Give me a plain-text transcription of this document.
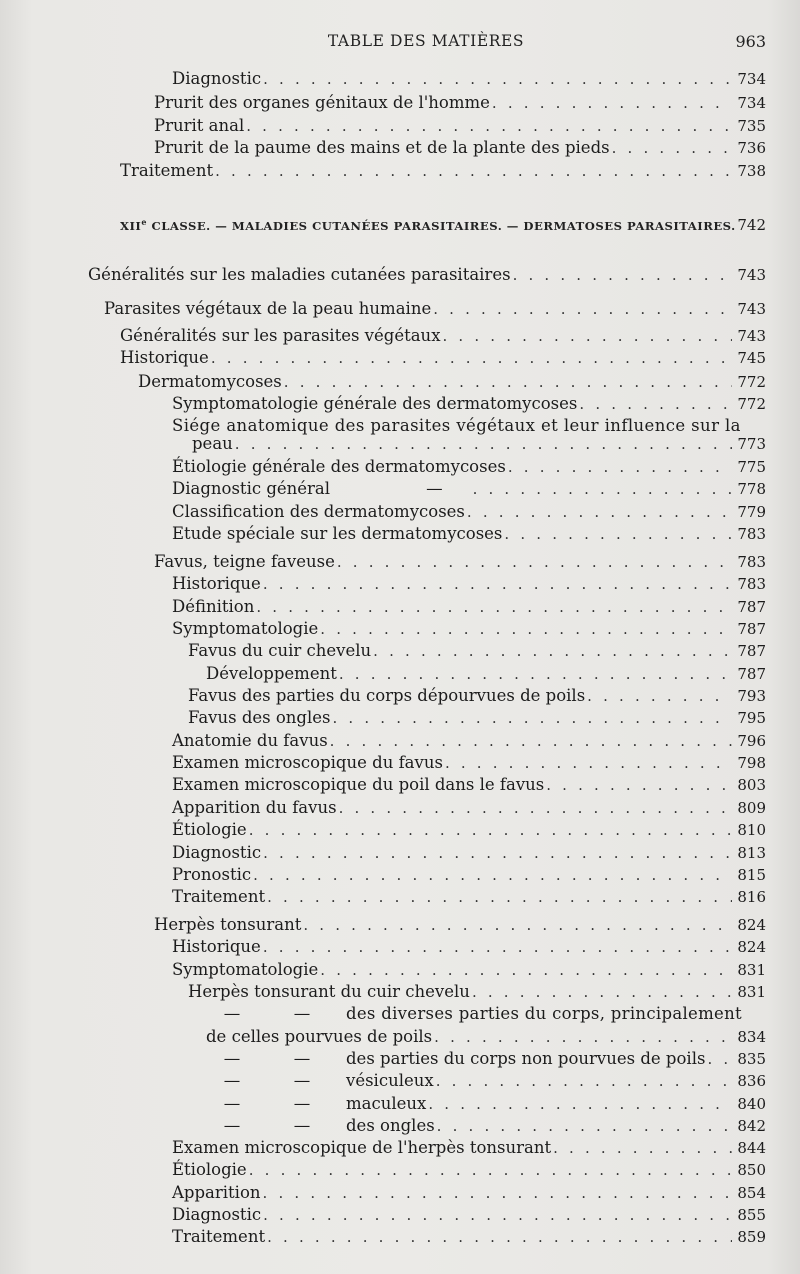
TABLE DES MATIÈRES	963
Diagnostic . . .	734
Prurit des organes génitaux de l'homme . . .	734
Prurit anal . . .	735
Prurit de la paume des mains et de la plante des pieds . . .	736
Traitement . . .	738
XIIe CLASSE. — MALADIES CUTANÉES PARASITAIRES. — DERMATOSES PARASITAIRES. 742
Généralités sur les maladies cutanées parasitaires . . .	743
Parasites végétaux de la peau humaine . . .	743
Généralités sur les parasites végétaux . . .	743
Historique . . .	745
Dermatomycoses . . .	772
Symptomatologie générale des dermatomycoses . . .	772
Siége anatomique des parasites végétaux et leur influence sur la
peau . . .	773
Étiologie générale des dermatomycoses . . .	775
Diagnostic général	— . . .	778
Classification des dermatomycoses . . .	779
Etude spéciale sur les dermatomycoses . . .	783
Favus, teigne faveuse . . .	783
Historique . . .	783
Définition . . .	787
Symptomatologie . . .	787
Favus du cuir chevelu . . .	787
Développement . . .	787
Favus des parties du corps dépourvues de poils . . .	793
Favus des ongles . . .	795
Anatomie du favus . . .	796
Examen microscopique du favus . . .	798
Examen microscopique du poil dans le favus . . .	803
Apparition du favus . . .	809
Étiologie . . .	810
Diagnostic . . .	813
Pronostic . . .	815
Traitement . . .	816
Herpès tonsurant . . .	824
Historique . . .	824
Symptomatologie . . .	831
Herpès tonsurant du cuir chevelu . . .	831
—	—	des diverses parties du corps, principalement
de celles pourvues de poils . . .	834
—	—	des parties du corps non pourvues de poils . . . 835
—	—	vésiculeux . . .	836
—	—	maculeux . . .	840
—	—	des ongles . . .	842
Examen microscopique de l'herpès tonsurant . . .	844
Étiologie . . .	850
Apparition . . .	854
Diagnostic . . .	855
Traitement . . .	859
